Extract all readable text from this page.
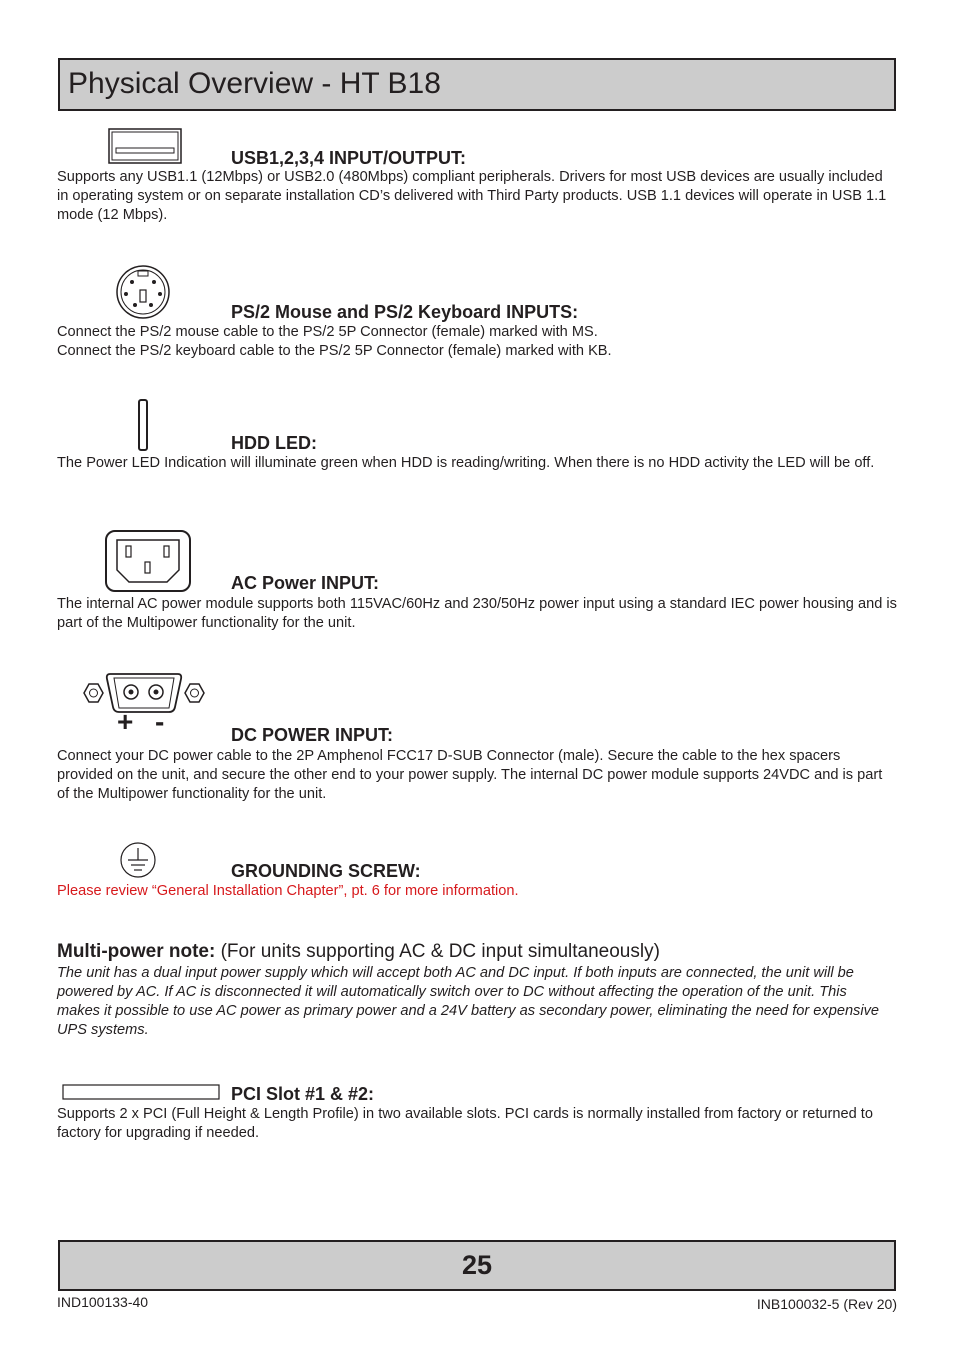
Physical Overview - HT B18
USB1,2,3,4 INPUT/OUTPUT:

Supports any USB1.1 (12Mbps) or USB2.0 (480Mbps) compliant peripherals. Drivers for most USB devices are usually included in operating system or on separate installation CD’s delivered with Third Party products. USB 1.1 devices will operate in USB 1.1 mode (12 Mbps).

PS/2 Mouse and PS/2 Keyboard INPUTS:

Connect the PS/2 mouse cable to the PS/2 5P Connector (female) marked with MS.

Connect the PS/2 keyboard cable to the PS/2 5P Connector (female) marked with KB.

HDD LED:

The Power LED Indication will illuminate green when HDD is reading/writing. When there is no HDD activity the LED will be off.

AC Power INPUT:

The internal AC power module supports both 115VAC/60Hz and 230/50Hz power input using a standard IEC power housing and is part of the Multipower functionality for the unit.

+ -	DC POWER INPUT:

Connect your DC power cable to the 2P Amphenol FCC17 D-SUB Connector (male). Secure the cable to the hex spacers provided on the unit, and secure the other end to your power supply. The internal DC power module supports 24VDC and is part of the Multipower functionality for the unit.

GROUNDING SCREW:

Please review “General Installation Chapter”, pt. 6 for more information.

Multi-power note: (For units supporting AC & DC input simultaneously)

The unit has a dual input power supply which will accept both AC and DC input. If both inputs are connected, the unit will be powered by AC. If AC is disconnected it will automatically switch over to DC without affecting the operation of the unit. This makes it possible to use AC power as primary power and a 24V battery as secondary power, eliminating the need for expensive UPS systems.

PCI Slot #1 & #2:

Supports 2 x PCI (Full Height & Length Profile) in two available slots. PCI cards is normally installed from factory or returned to factory for upgrading if needed.

25
IND100133-40	INB100032-5 (Rev 20)
